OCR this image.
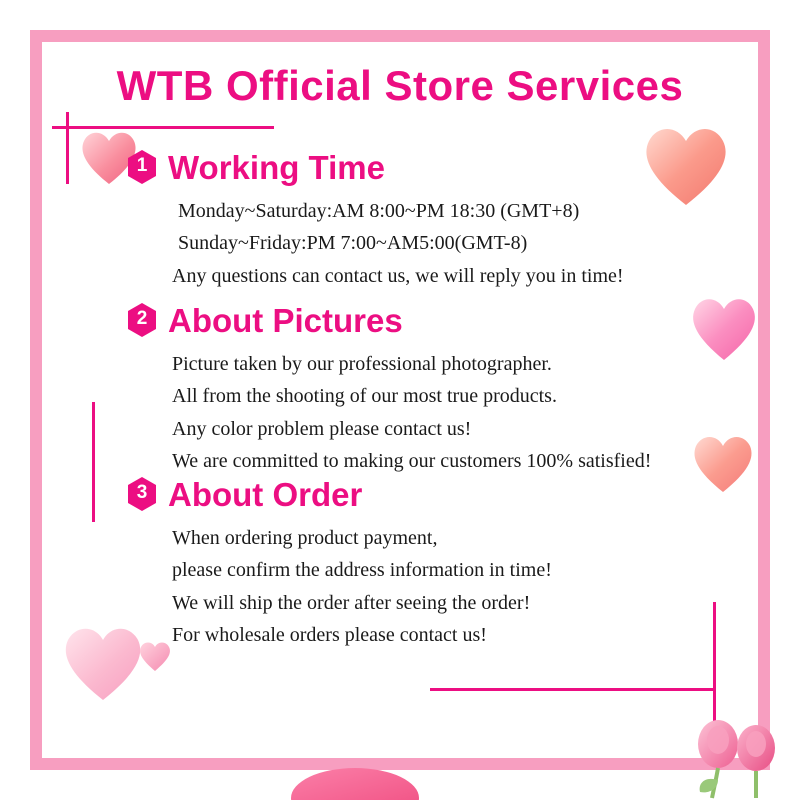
WTB Official Store Services
1 Working Time
Monday~Saturday:AM 8:00~PM 18:30 (GMT+8)
Sunday~Friday:PM 7:00~AM5:00(GMT-8)
Any questions can contact us, we will reply you in time!
2 About Pictures
Picture taken by our professional photographer.
All from the shooting of our most true products.
Any color problem please contact us!
We are committed to making our customers 100% satisfied!
3 About Order
When ordering product payment,
please confirm the address information in time!
We will ship the order after seeing the order!
For wholesale orders please contact us!
